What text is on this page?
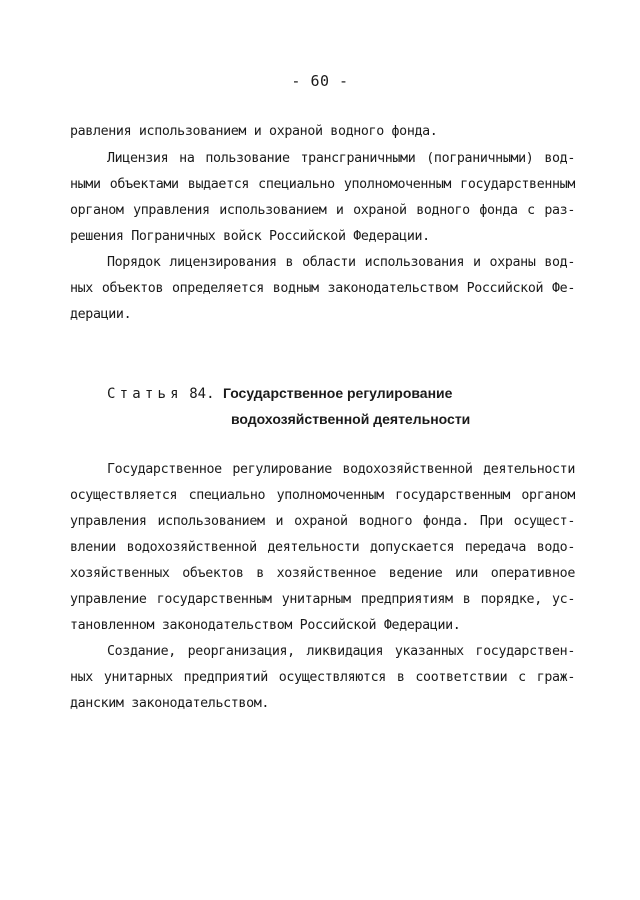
- 60 -
равления использованием и охраной водного фонда.
Лицензия на пользование трансграничными (пограничными) вод-
ными объектами выдается специально уполномоченным государственным
органом управления использованием и охраной водного фонда с раз-
решения Пограничных войск Российской Федерации.
Порядок лицензирования в области использования и охраны вод-
ных объектов определяется водным законодательством Российской Фе-
дерации.
Статья 84. Государственное регулирование
водохозяйственной деятельности
Государственное регулирование водохозяйственной деятельности
осуществляется специально уполномоченным государственным органом
управления использованием и охраной водного фонда. При осущест-
влении водохозяйственной деятельности допускается передача водо-
хозяйственных объектов в хозяйственное ведение или оперативное
управление государственным унитарным предприятиям в порядке, ус-
тановленном законодательством Российской Федерации.
Создание, реорганизация, ликвидация указанных государствен-
ных унитарных предприятий осуществляются в соответствии с граж-
данским законодательством.
